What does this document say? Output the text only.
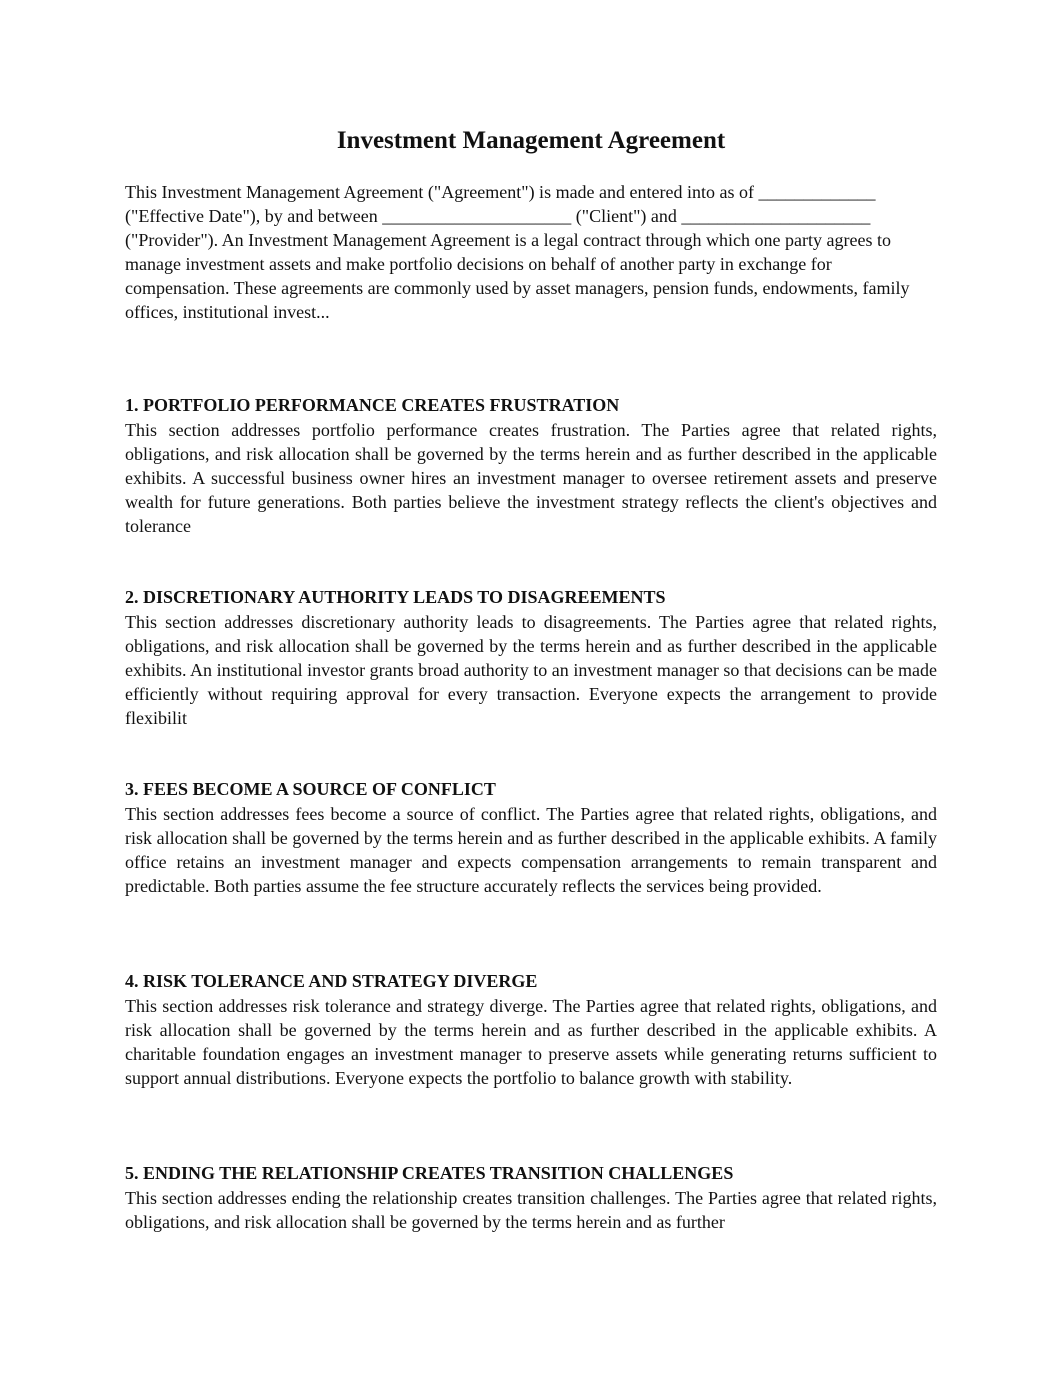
Investment Management Agreement

This Investment Management Agreement ("Agreement") is made and entered into as of _____________ ("Effective Date"), by and between _____________________ ("Client") and _____________________ ("Provider"). An Investment Management Agreement is a legal contract through which one party agrees to manage investment assets and make portfolio decisions on behalf of another party in exchange for compensation. These agreements are commonly used by asset managers, pension funds, endowments, family offices, institutional invest...

1. PORTFOLIO PERFORMANCE CREATES FRUSTRATION

This section addresses portfolio performance creates frustration. The Parties agree that related rights, obligations, and risk allocation shall be governed by the terms herein and as further described in the applicable exhibits. A successful business owner hires an investment manager to oversee retirement assets and preserve wealth for future generations. Both parties believe the investment strategy reflects the client's objectives and tolerance

2. DISCRETIONARY AUTHORITY LEADS TO DISAGREEMENTS

This section addresses discretionary authority leads to disagreements. The Parties agree that related rights, obligations, and risk allocation shall be governed by the terms herein and as further described in the applicable exhibits. An institutional investor grants broad authority to an investment manager so that decisions can be made efficiently without requiring approval for every transaction. Everyone expects the arrangement to provide flexibilit

3. FEES BECOME A SOURCE OF CONFLICT

This section addresses fees become a source of conflict. The Parties agree that related rights, obligations, and risk allocation shall be governed by the terms herein and as further described in the applicable exhibits. A family office retains an investment manager and expects compensation arrangements to remain transparent and predictable. Both parties assume the fee structure accurately reflects the services being provided.

4. RISK TOLERANCE AND STRATEGY DIVERGE

This section addresses risk tolerance and strategy diverge. The Parties agree that related rights, obligations, and risk allocation shall be governed by the terms herein and as further described in the applicable exhibits. A charitable foundation engages an investment manager to preserve assets while generating returns sufficient to support annual distributions. Everyone expects the portfolio to balance growth with stability.

5. ENDING THE RELATIONSHIP CREATES TRANSITION CHALLENGES

This section addresses ending the relationship creates transition challenges. The Parties agree that related rights, obligations, and risk allocation shall be governed by the terms herein and as further
